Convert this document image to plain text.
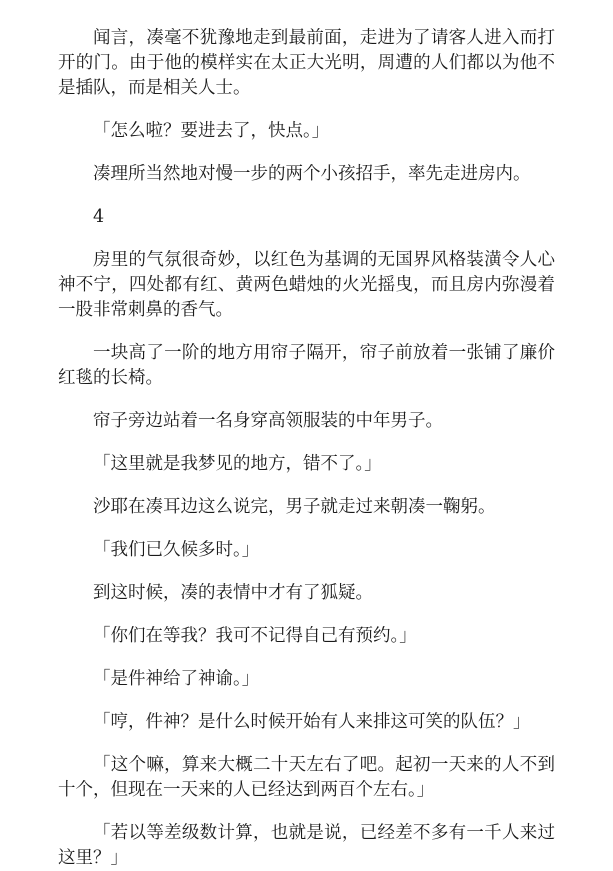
闻言，凑毫不犹豫地走到最前面，走进为了请客人进入而打开的门。由于他的模样实在太正大光明，周遭的人们都以为他不是插队，而是相关人士。

「怎么啦？要进去了，快点。」

凑理所当然地对慢一步的两个小孩招手，率先走进房内。

4

房里的气氛很奇妙，以红色为基调的无国界风格装潢令人心神不宁，四处都有红、黄两色蜡烛的火光摇曳，而且房内弥漫着一股非常刺鼻的香气。

一块高了一阶的地方用帘子隔开，帘子前放着一张铺了廉价红毯的长椅。

帘子旁边站着一名身穿高领服装的中年男子。

「这里就是我梦见的地方，错不了。」

沙耶在凑耳边这么说完，男子就走过来朝凑一鞠躬。

「我们已久候多时。」

到这时候，凑的表情中才有了狐疑。

「你们在等我？我可不记得自己有预约。」

「是件神给了神谕。」

「哼，件神？是什么时候开始有人来排这可笑的队伍？」

「这个嘛，算来大概二十天左右了吧。起初一天来的人不到十个，但现在一天来的人已经达到两百个左右。」

「若以等差级数计算，也就是说，已经差不多有一千人来过这里？」
